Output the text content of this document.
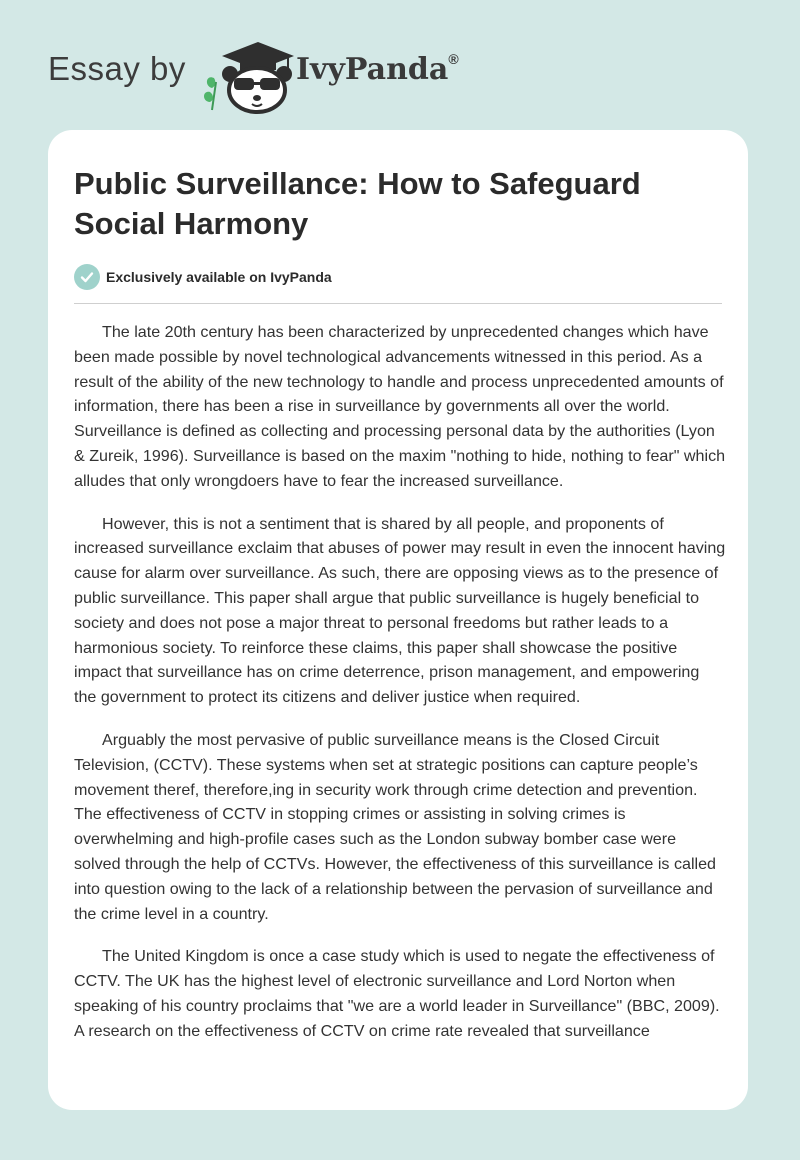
Essay by	IvyPanda®
Public Surveillance: How to Safeguard Social Harmony
Exclusively available on IvyPanda

The late 20th century has been characterized by unprecedented changes which have been made possible by novel technological advancements witnessed in this period. As a result of the ability of the new technology to handle and process unprecedented amounts of information, there has been a rise in surveillance by governments all over the world. Surveillance is defined as collecting and processing personal data by the authorities (Lyon & Zureik, 1996). Surveillance is based on the maxim "nothing to hide, nothing to fear" which alludes that only wrongdoers have to fear the increased surveillance.

However, this is not a sentiment that is shared by all people, and proponents of increased surveillance exclaim that abuses of power may result in even the innocent having cause for alarm over surveillance. As such, there are opposing views as to the presence of public surveillance. This paper shall argue that public surveillance is hugely beneficial to society and does not pose a major threat to personal freedoms but rather leads to a harmonious society. To reinforce these claims, this paper shall showcase the positive impact that surveillance has on crime deterrence, prison management, and empowering the government to protect its citizens and deliver justice when required.

Arguably the most pervasive of public surveillance means is the Closed Circuit Television, (CCTV). These systems when set at strategic positions can capture people’s movement theref, therefore,ing in security work through crime detection and prevention. The effectiveness of CCTV in stopping crimes or assisting in solving crimes is overwhelming and high-profile cases such as the London subway bomber case were solved through the help of CCTVs. However, the effectiveness of this surveillance is called into question owing to the lack of a relationship between the pervasion of surveillance and the crime level in a country.

The United Kingdom is once a case study which is used to negate the effectiveness of CCTV. The UK has the highest level of electronic surveillance and Lord Norton when speaking of his country proclaims that "we are a world leader in Surveillance" (BBC, 2009). A research on the effectiveness of CCTV on crime rate revealed that surveillance
